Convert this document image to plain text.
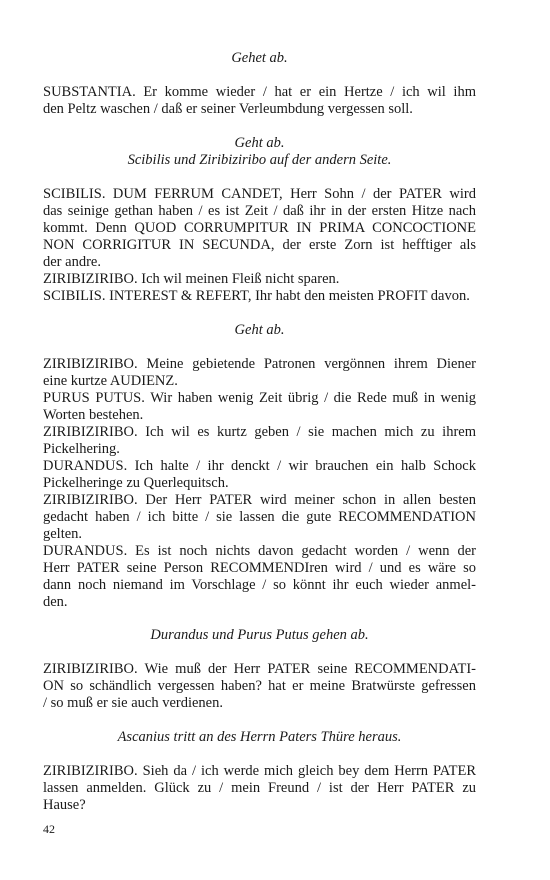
Gehet ab.
SUBSTANTIA. Er komme wieder / hat er ein Hertze / ich wil ihm
den Peltz waschen / daß er seiner Verleumbdung vergessen soll.
Geht ab.
Scibilis und Ziribiziribo auf der andern Seite.
SCIBILIS. DUM FERRUM CANDET, Herr Sohn / der PATER wird
das seinige gethan haben / es ist Zeit / daß ihr in der ersten Hitze nach
kommt. Denn QUOD CORRUMPITUR IN PRIMA CONCOCTIONE
NON CORRIGITUR IN SECUNDA, der erste Zorn ist hefftiger als
der andre.
ZIRIBIZIRIBO. Ich wil meinen Fleiß nicht sparen.
SCIBILIS. INTEREST & REFERT, Ihr habt den meisten PROFIT davon.
Geht ab.
ZIRIBIZIRIBO. Meine gebietende Patronen vergönnen ihrem Diener
eine kurtze AUDIENZ.
PURUS PUTUS. Wir haben wenig Zeit übrig / die Rede muß in wenig
Worten bestehen.
ZIRIBIZIRIBO. Ich wil es kurtz geben / sie machen mich zu ihrem
Pickelhering.
DURANDUS. Ich halte / ihr denckt / wir brauchen ein halb Schock
Pickelheringe zu Querlequitsch.
ZIRIBIZIRIBO. Der Herr PATER wird meiner schon in allen besten
gedacht haben / ich bitte / sie lassen die gute RECOMMENDATION
gelten.
DURANDUS. Es ist noch nichts davon gedacht worden / wenn der
Herr PATER seine Person RECOMMENDIren wird / und es wäre so
dann noch niemand im Vorschlage / so könnt ihr euch wieder anmel-
den.
Durandus und Purus Putus gehen ab.
ZIRIBIZIRIBO. Wie muß der Herr PATER seine RECOMMENDATI-
ON so schändlich vergessen haben? hat er meine Bratwürste gefressen
/ so muß er sie auch verdienen.
Ascanius tritt an des Herrn Paters Thüre heraus.
ZIRIBIZIRIBO. Sieh da / ich werde mich gleich bey dem Herrn PATER
lassen anmelden. Glück zu / mein Freund / ist der Herr PATER zu
Hause?
42
